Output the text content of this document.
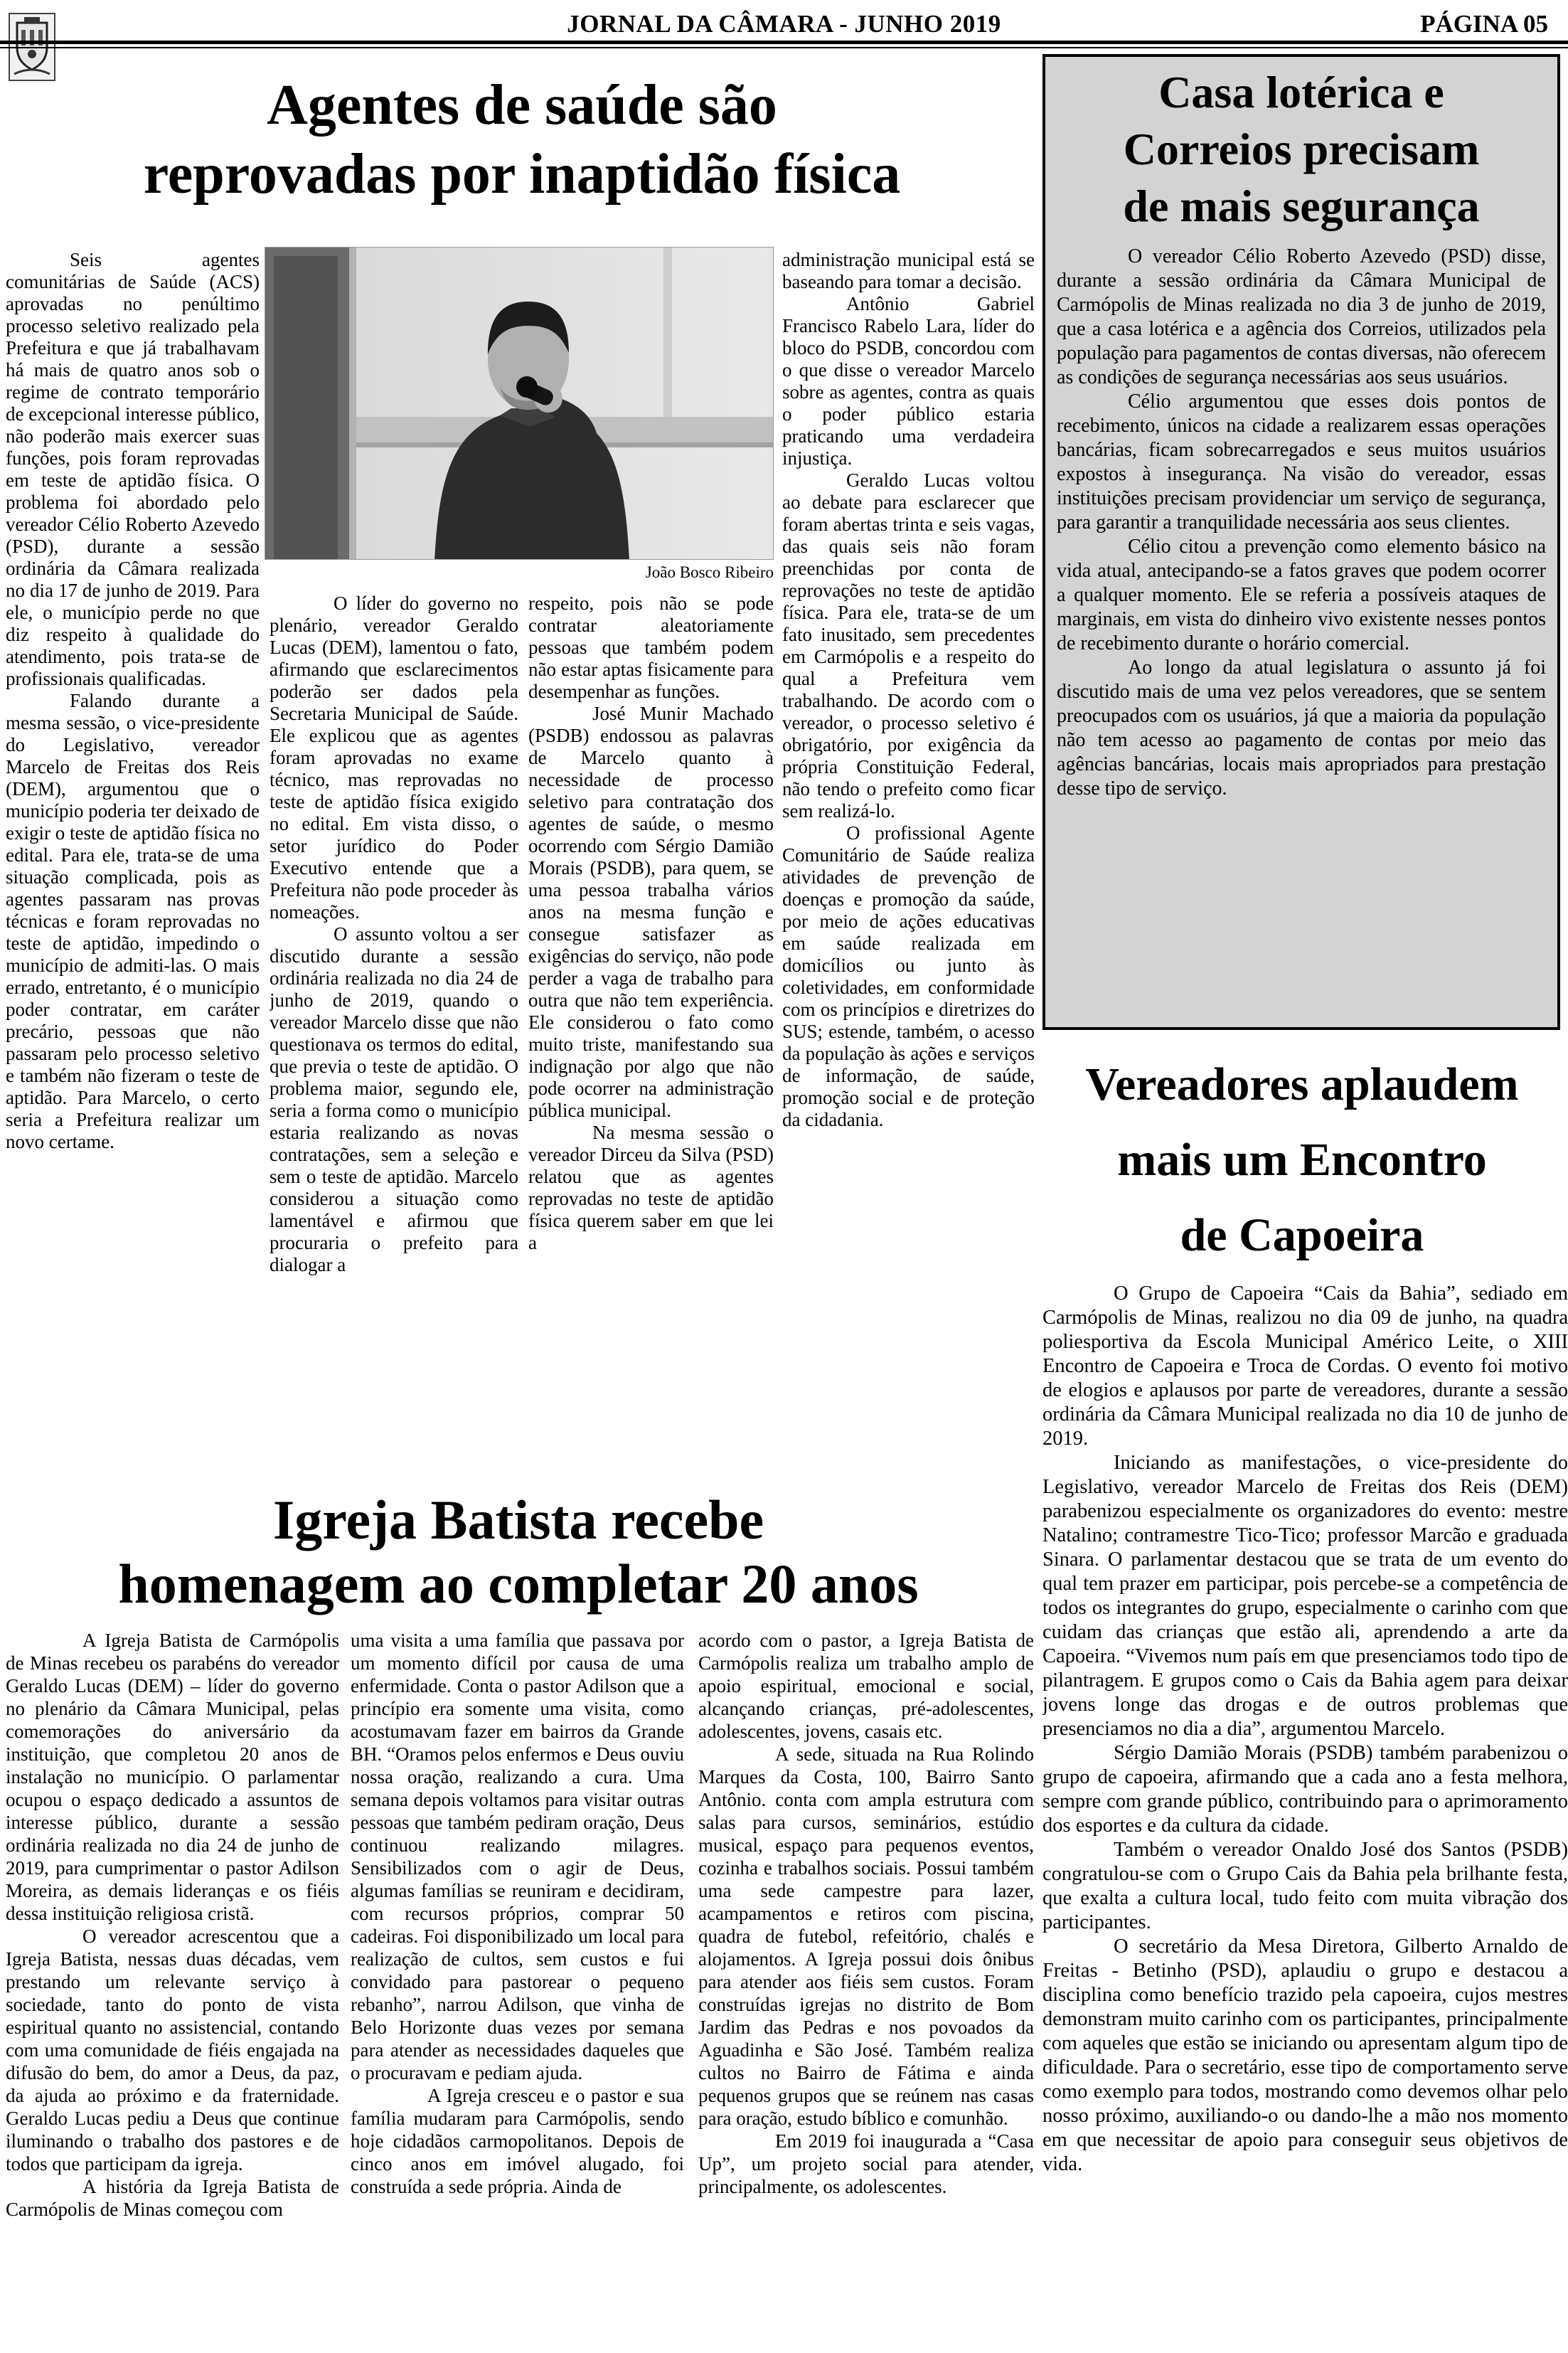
JORNAL DA CÂMARA - JUNHO 2019	PÁGINA 05
Agentes de saúde são
reprovadas por inaptidão física
João Bosco Ribeiro

Seis agentes comunitárias de Saúde (ACS) aprovadas no penúltimo processo seletivo realizado pela Prefeitura e que já trabalhavam há mais de quatro anos sob o regime de contrato temporário de excepcional interesse público, não poderão mais exercer suas funções, pois foram reprovadas em teste de aptidão física. O problema foi abordado pelo vereador Célio Roberto Azevedo (PSD), durante a sessão ordinária da Câmara realizada no dia 17 de junho de 2019. Para ele, o município perde no que diz respeito à qualidade do atendimento, pois trata-se de profissionais qualificadas.

Falando durante a mesma sessão, o vice-presidente do Legislativo, vereador Marcelo de Freitas dos Reis (DEM), argumentou que o município poderia ter deixado de exigir o teste de aptidão física no edital. Para ele, trata-se de uma situação complicada, pois as agentes passaram nas provas técnicas e foram reprovadas no teste de aptidão, impedindo o município de admiti-las. O mais errado, entretanto, é o município poder contratar, em caráter precário, pessoas que não passaram pelo processo seletivo e também não fizeram o teste de aptidão. Para Marcelo, o certo seria a Prefeitura realizar um novo certame.

O líder do governo no plenário, vereador Geraldo Lucas (DEM), lamentou o fato, afirmando que esclarecimentos poderão ser dados pela Secretaria Municipal de Saúde. Ele explicou que as agentes foram aprovadas no exame técnico, mas reprovadas no teste de aptidão física exigido no edital. Em vista disso, o setor jurídico do Poder Executivo entende que a Prefeitura não pode proceder às nomeações.

O assunto voltou a ser discutido durante a sessão ordinária realizada no dia 24 de junho de 2019, quando o vereador Marcelo disse que não questionava os termos do edital, que previa o teste de aptidão. O problema maior, segundo ele, seria a forma como o município estaria realizando as novas contratações, sem a seleção e sem o teste de aptidão. Marcelo considerou a situação como lamentável e afirmou que procuraria o prefeito para dialogar a

respeito, pois não se pode contratar aleatoriamente pessoas que também podem não estar aptas fisicamente para desempenhar as funções.

José Munir Machado (PSDB) endossou as palavras de Marcelo quanto à necessidade de processo seletivo para contratação dos agentes de saúde, o mesmo ocorrendo com Sérgio Damião Morais (PSDB), para quem, se uma pessoa trabalha vários anos na mesma função e consegue satisfazer as exigências do serviço, não pode perder a vaga de trabalho para outra que não tem experiência. Ele considerou o fato como muito triste, manifestando sua indignação por algo que não pode ocorrer na administração pública municipal.

Na mesma sessão o vereador Dirceu da Silva (PSD) relatou que as agentes reprovadas no teste de aptidão física querem saber em que lei a

administração municipal está se baseando para tomar a decisão.

Antônio Gabriel Francisco Rabelo Lara, líder do bloco do PSDB, concordou com o que disse o vereador Marcelo sobre as agentes, contra as quais o poder público estaria praticando uma verdadeira injustiça.

Geraldo Lucas voltou ao debate para esclarecer que foram abertas trinta e seis vagas, das quais seis não foram preenchidas por conta de reprovações no teste de aptidão física. Para ele, trata-se de um fato inusitado, sem precedentes em Carmópolis e a respeito do qual a Prefeitura vem trabalhando. De acordo com o vereador, o processo seletivo é obrigatório, por exigência da própria Constituição Federal, não tendo o prefeito como ficar sem realizá-lo.

O profissional Agente Comunitário de Saúde realiza atividades de prevenção de doenças e promoção da saúde, por meio de ações educativas em saúde realizada em domicílios ou junto às coletividades, em conformidade com os princípios e diretrizes do SUS; estende, também, o acesso da população às ações e serviços de informação, de saúde, promoção social e de proteção da cidadania.

Casa lotérica e
Correios precisam
de mais segurança

O vereador Célio Roberto Azevedo (PSD) disse, durante a sessão ordinária da Câmara Municipal de Carmópolis de Minas realizada no dia 3 de junho de 2019, que a casa lotérica e a agência dos Correios, utilizados pela população para pagamentos de contas diversas, não oferecem as condições de segurança necessárias aos seus usuários.

Célio argumentou que esses dois pontos de recebimento, únicos na cidade a realizarem essas operações bancárias, ficam sobrecarregados e seus muitos usuários expostos à insegurança. Na visão do vereador, essas instituições precisam providenciar um serviço de segurança, para garantir a tranquilidade necessária aos seus clientes.

Célio citou a prevenção como elemento básico na vida atual, antecipando-se a fatos graves que podem ocorrer a qualquer momento. Ele se referia a possíveis ataques de marginais, em vista do dinheiro vivo existente nesses pontos de recebimento durante o horário comercial.

Ao longo da atual legislatura o assunto já foi discutido mais de uma vez pelos vereadores, que se sentem preocupados com os usuários, já que a maioria da população não tem acesso ao pagamento de contas por meio das agências bancárias, locais mais apropriados para prestação desse tipo de serviço.

Vereadores aplaudem
mais um Encontro
de Capoeira

O Grupo de Capoeira “Cais da Bahia”, sediado em Carmópolis de Minas, realizou no dia 09 de junho, na quadra poliesportiva da Escola Municipal Américo Leite, o XIII Encontro de Capoeira e Troca de Cordas. O evento foi motivo de elogios e aplausos por parte de vereadores, durante a sessão ordinária da Câmara Municipal realizada no dia 10 de junho de 2019.

Iniciando as manifestações, o vice-presidente do Legislativo, vereador Marcelo de Freitas dos Reis (DEM) parabenizou especialmente os organizadores do evento: mestre Natalino; contramestre Tico-Tico; professor Marcão e graduada Sinara. O parlamentar destacou que se trata de um evento do qual tem prazer em participar, pois percebe-se a competência de todos os integrantes do grupo, especialmente o carinho com que cuidam das crianças que estão ali, aprendendo a arte da Capoeira. “Vivemos num país em que presenciamos todo tipo de pilantragem. E grupos como o Cais da Bahia agem para deixar jovens longe das drogas e de outros problemas que presenciamos no dia a dia”, argumentou Marcelo.

Sérgio Damião Morais (PSDB) também parabenizou o grupo de capoeira, afirmando que a cada ano a festa melhora, sempre com grande público, contribuindo para o aprimoramento dos esportes e da cultura da cidade.

Também o vereador Onaldo José dos Santos (PSDB) congratulou-se com o Grupo Cais da Bahia pela brilhante festa, que exalta a cultura local, tudo feito com muita vibração dos participantes.

O secretário da Mesa Diretora, Gilberto Arnaldo de Freitas - Betinho (PSD), aplaudiu o grupo e destacou a disciplina como benefício trazido pela capoeira, cujos mestres demonstram muito carinho com os participantes, principalmente com aqueles que estão se iniciando ou apresentam algum tipo de dificuldade. Para o secretário, esse tipo de comportamento serve como exemplo para todos, mostrando como devemos olhar pelo nosso próximo, auxiliando-o ou dando-lhe a mão nos momento em que necessitar de apoio para conseguir seus objetivos de vida.

Igreja Batista recebe
homenagem ao completar 20 anos

A Igreja Batista de Carmópolis de Minas recebeu os parabéns do vereador Geraldo Lucas (DEM) – líder do governo no plenário da Câmara Municipal, pelas comemorações do aniversário da instituição, que completou 20 anos de instalação no município. O parlamentar ocupou o espaço dedicado a assuntos de interesse público, durante a sessão ordinária realizada no dia 24 de junho de 2019, para cumprimentar o pastor Adilson Moreira, as demais lideranças e os fiéis dessa instituição religiosa cristã.

O vereador acrescentou que a Igreja Batista, nessas duas décadas, vem prestando um relevante serviço à sociedade, tanto do ponto de vista espiritual quanto no assistencial, contando com uma comunidade de fiéis engajada na difusão do bem, do amor a Deus, da paz, da ajuda ao próximo e da fraternidade. Geraldo Lucas pediu a Deus que continue iluminando o trabalho dos pastores e de todos que participam da igreja.

A história da Igreja Batista de Carmópolis de Minas começou com

uma visita a uma família que passava por um momento difícil por causa de uma enfermidade. Conta o pastor Adilson que a princípio era somente uma visita, como acostumavam fazer em bairros da Grande BH. “Oramos pelos enfermos e Deus ouviu nossa oração, realizando a cura. Uma semana depois voltamos para visitar outras pessoas que também pediram oração, Deus continuou realizando milagres. Sensibilizados com o agir de Deus, algumas famílias se reuniram e decidiram, com recursos próprios, comprar 50 cadeiras. Foi disponibilizado um local para realização de cultos, sem custos e fui convidado para pastorear o pequeno rebanho”, narrou Adilson, que vinha de Belo Horizonte duas vezes por semana para atender as necessidades daqueles que o procuravam e pediam ajuda.

A Igreja cresceu e o pastor e sua família mudaram para Carmópolis, sendo hoje cidadãos carmopolitanos. Depois de cinco anos em imóvel alugado, foi construída a sede própria. Ainda de

acordo com o pastor, a Igreja Batista de Carmópolis realiza um trabalho amplo de apoio espiritual, emocional e social, alcançando crianças, pré-adolescentes, adolescentes, jovens, casais etc.

A sede, situada na Rua Rolindo Marques da Costa, 100, Bairro Santo Antônio. conta com ampla estrutura com salas para cursos, seminários, estúdio musical, espaço para pequenos eventos, cozinha e trabalhos sociais. Possui também uma sede campestre para lazer, acampamentos e retiros com piscina, quadra de futebol, refeitório, chalés e alojamentos. A Igreja possui dois ônibus para atender aos fiéis sem custos. Foram construídas igrejas no distrito de Bom Jardim das Pedras e nos povoados da Aguadinha e São José. Também realiza cultos no Bairro de Fátima e ainda pequenos grupos que se reúnem nas casas para oração, estudo bíblico e comunhão.

Em 2019 foi inaugurada a “Casa Up”, um projeto social para atender, principalmente, os adolescentes.
